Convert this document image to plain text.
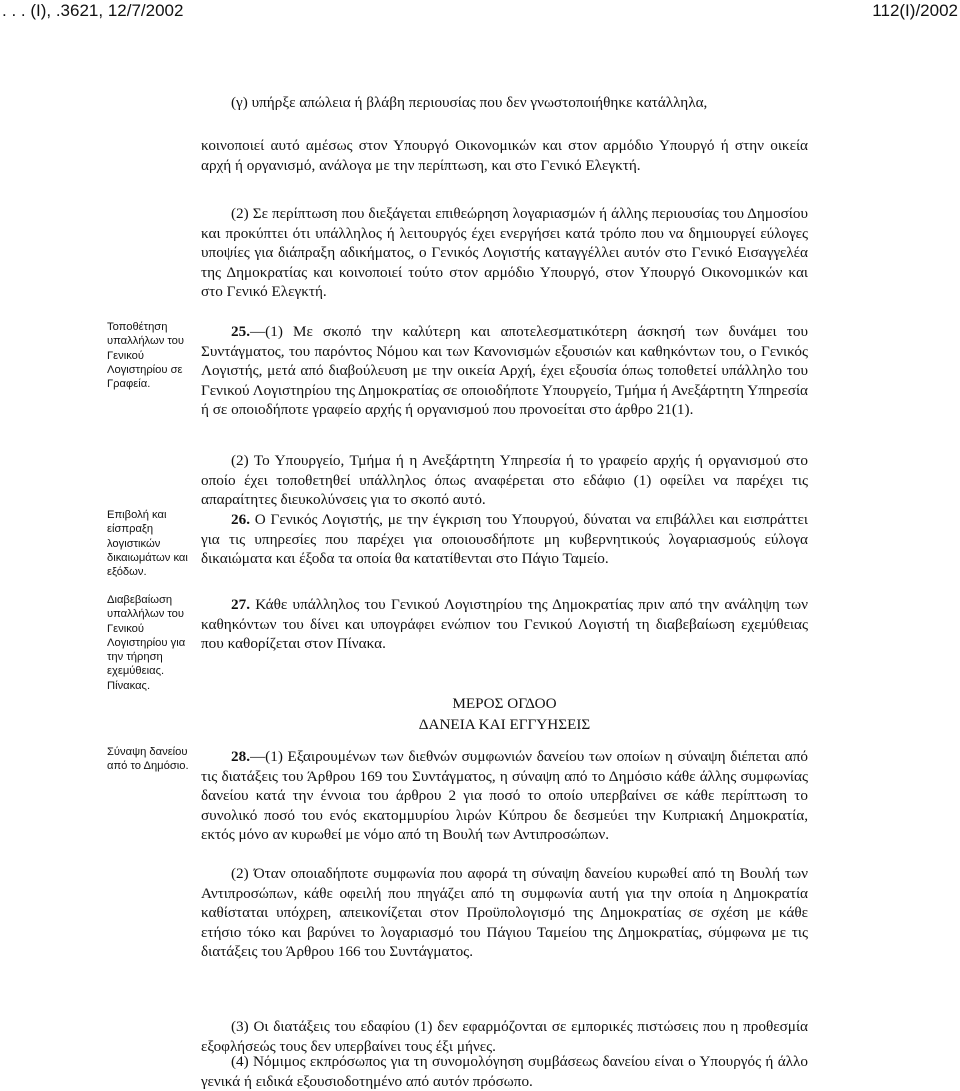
. . . (Ι), .3621, 12/7/2002	112(Ι)/2002

(γ) υπήρξε απώλεια ή βλάβη περιουσίας που δεν γνωστοποιήθηκε κατάλληλα,

κοινοποιεί αυτό αμέσως στον Υπουργό Οικονομικών και στον αρμόδιο Υπουργό ή στην οικεία αρχή ή οργανισμό, ανάλογα με την περίπτωση, και στο Γενικό Ελεγκτή.

(2) Σε περίπτωση που διεξάγεται επιθεώρηση λογαριασμών ή άλλης περιουσίας του Δημοσίου και προκύπτει ότι υπάλληλος ή λειτουργός έχει ενεργήσει κατά τρόπο που να δημιουργεί εύλογες υποψίες για διάπραξη αδικήματος, ο Γενικός Λογιστής καταγγέλλει αυτόν στο Γενικό Εισαγγελέα της Δημοκρατίας και κοινοποιεί τούτο στον αρμόδιο Υπουργό, στον Υπουργό Οικονομικών και στο Γενικό Ελεγκτή.

Τοποθέτηση υπαλλήλων του Γενικού Λογιστηρίου σε Γραφεία.

25.—(1) Με σκοπό την καλύτερη και αποτελεσματικότερη άσκησή των δυνάμει του Συντάγματος, του παρόντος Νόμου και των Κανονισμών εξουσιών και καθηκόντων του, ο Γενικός Λογιστής, μετά από διαβούλευση με την οικεία Αρχή, έχει εξουσία όπως τοποθετεί υπάλληλο του Γενικού Λογιστηρίου της Δημοκρατίας σε οποιοδήποτε Υπουργείο, Τμήμα ή Ανεξάρτητη Υπηρεσία ή σε οποιοδήποτε γραφείο αρχής ή οργανισμού που προνοείται στο άρθρο 21(1).

(2) Το Υπουργείο, Τμήμα ή η Ανεξάρτητη Υπηρεσία ή το γραφείο αρχής ή οργανισμού στο οποίο έχει τοποθετηθεί υπάλληλος όπως αναφέρεται στο εδάφιο (1) οφείλει να παρέχει τις απαραίτητες διευκολύνσεις για το σκοπό αυτό.

Επιβολή και είσπραξη λογιστικών δικαιωμάτων και εξόδων.

26. Ο Γενικός Λογιστής, με την έγκριση του Υπουργού, δύναται να επιβάλλει και εισπράττει για τις υπηρεσίες που παρέχει για οποιουσδήποτε μη κυβερνητικούς λογαριασμούς εύλογα δικαιώματα και έξοδα τα οποία θα κατατίθενται στο Πάγιο Ταμείο.

Διαβεβαίωση υπαλλήλων του Γενικού Λογιστηρίου για την τήρηση εχεμύθειας. Πίνακας.

27. Κάθε υπάλληλος του Γενικού Λογιστηρίου της Δημοκρατίας πριν από την ανάληψη των καθηκόντων του δίνει και υπογράφει ενώπιον του Γενικού Λογιστή τη διαβεβαίωση εχεμύθειας που καθορίζεται στον Πίνακα.

ΜΕΡΟΣ ΟΓΔΟΟ

ΔΑΝΕΙΑ ΚΑΙ ΕΓΓΥΗΣΕΙΣ

Σύναψη δανείου από το Δημόσιο.

28.—(1) Εξαιρουμένων των διεθνών συμφωνιών δανείου των οποίων η σύναψη διέπεται από τις διατάξεις του Άρθρου 169 του Συντάγματος, η σύναψη από το Δημόσιο κάθε άλλης συμφωνίας δανείου κατά την έννοια του άρθρου 2 για ποσό το οποίο υπερβαίνει σε κάθε περίπτωση το συνολικό ποσό του ενός εκατομμυρίου λιρών Κύπρου δε δεσμεύει την Κυπριακή Δημοκρατία, εκτός μόνο αν κυρωθεί με νόμο από τη Βουλή των Αντιπροσώπων.

(2) Όταν οποιαδήποτε συμφωνία που αφορά τη σύναψη δανείου κυρωθεί από τη Βουλή των Αντιπροσώπων, κάθε οφειλή που πηγάζει από τη συμφωνία αυτή για την οποία η Δημοκρατία καθίσταται υπόχρεη, απεικονίζεται στον Προϋπολογισμό της Δημοκρατίας σε σχέση με κάθε ετήσιο τόκο και βαρύνει το λογαριασμό του Πάγιου Ταμείου της Δημοκρατίας, σύμφωνα με τις διατάξεις του Άρθρου 166 του Συντάγματος.

(3) Οι διατάξεις του εδαφίου (1) δεν εφαρμόζονται σε εμπορικές πιστώσεις που η προθεσμία εξοφλήσεώς τους δεν υπερβαίνει τους έξι μήνες.

(4) Νόμιμος εκπρόσωπος για τη συνομολόγηση συμβάσεως δανείου είναι ο Υπουργός ή άλλο γενικά ή ειδικά εξουσιοδοτημένο από αυτόν πρόσωπο.
